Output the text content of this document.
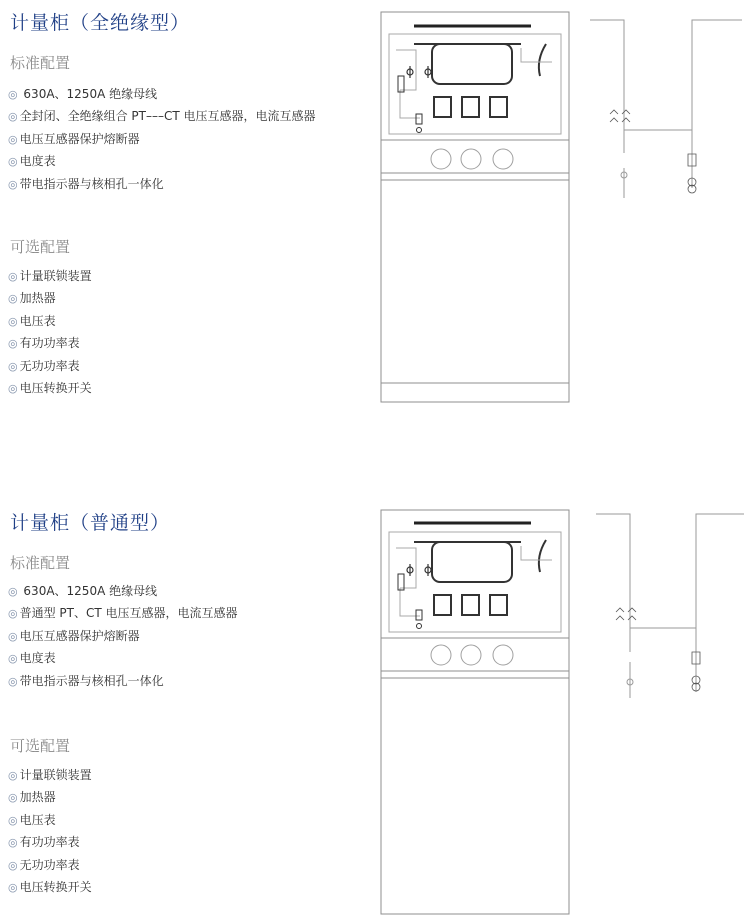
计量柜（全绝缘型）
标准配置
◎ 630A、1250A 绝缘母线
◎ 全封闭、全绝缘组合 PT–––CT 电压互感器，电流互感器
◎ 电压互感器保护熔断器
◎ 电度表
◎ 带电指示器与核相孔一体化
可选配置
◎ 计量联锁装置
◎ 加热器
◎ 电压表
◎ 有功功率表
◎ 无功功率表
◎ 电压转换开关
计量柜（普通型）
标准配置
◎ 630A、1250A 绝缘母线
◎ 普通型 PT、CT 电压互感器，电流互感器
◎ 电压互感器保护熔断器
◎ 电度表
◎ 带电指示器与核相孔一体化
可选配置
◎ 计量联锁装置
◎ 加热器
◎ 电压表
◎ 有功功率表
◎ 无功功率表
◎ 电压转换开关
